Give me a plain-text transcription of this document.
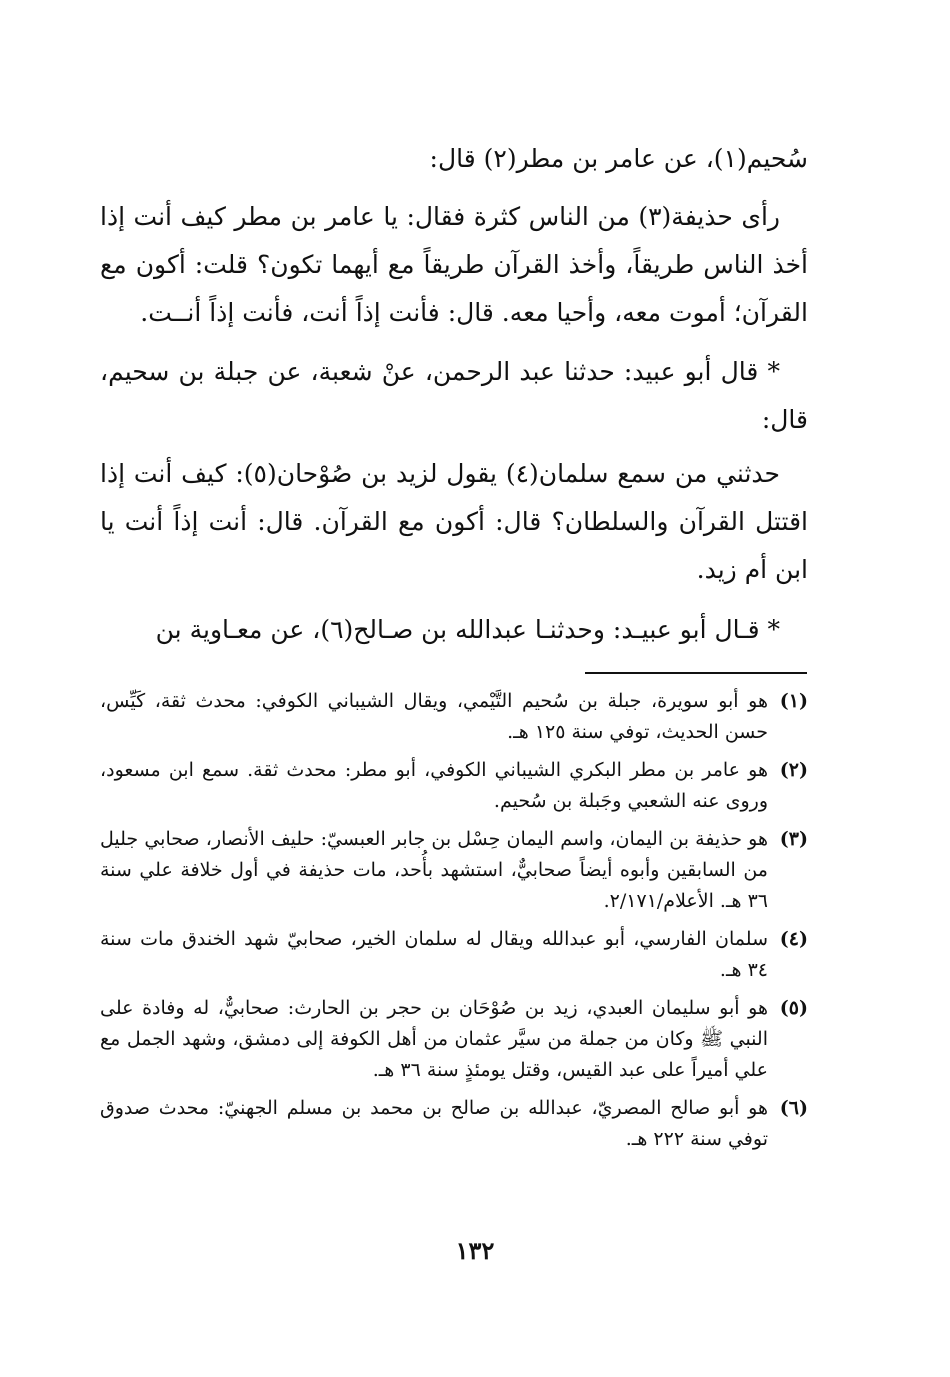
سُحيم(١)، عن عامر بن مطر(٢) قال:

رأى حذيفة(٣) من الناس كثرة فقال: يا عامر بن مطر كيف أنت إذا أخذ الناس طريقاً، وأخذ القرآن طريقاً مع أيهما تكون؟ قلت: أكون مع القرآن؛ أموت معه، وأحيا معه. قال: فأنت إذاً أنت، فأنت إذاً أنــت.

* قال أبو عبيد: حدثنا عبد الرحمن، عنْ شعبة، عن جبلة بن سحيم، قال:

حدثني من سمع سلمان(٤) يقول لزيد بن صُوْحان(٥): كيف أنت إذا اقتتل القرآن والسلطان؟ قال: أكون مع القرآن. قال: أنت إذاً أنت يا ابن أم زيد.

* قـال أبو عبيـد: وحدثنـا عبدالله بن صـالح(٦)، عن معـاوية بن

(١)هو أبو سويرة، جبلة بن سُحيم التَّيْمي، ويقال الشيباني الكوفي: محدث ثقة، كَيِّس، حسن الحديث، توفي سنة ١٢٥ هـ.

(٢)هو عامر بن مطر البكري الشيباني الكوفي، أبو مطر: محدث ثقة. سمع ابن مسعود، وروى عنه الشعبي وجَبلة بن سُحيم.

(٣)هو حذيفة بن اليمان، واسم اليمان حِسْل بن جابر العبسيّ: حليف الأنصار، صحابي جليل من السابقين وأبوه أيضاً صحابيٌّ، استشهد بأُحد، مات حذيفة في أول خلافة علي سنة ٣٦ هـ. الأعلام/٢/١٧١.

(٤)سلمان الفارسي، أبو عبدالله ويقال له سلمان الخير، صحابيّ شهد الخندق مات سنة ٣٤ هـ.

(٥)هو أبو سليمان العبدي، زيد بن صُوْحَان بن حجر بن الحارث: صحابيٌّ، له وفادة على النبي ﷺ وكان من جملة من سيَّر عثمان من أهل الكوفة إلى دمشق، وشهد الجمل مع علي أميراً على عبد القيس، وقتل يومئذٍ سنة ٣٦ هـ.

(٦)هو أبو صالح المصريّ، عبدالله بن صالح بن محمد بن مسلم الجهنيّ: محدث صدوق توفي سنة ٢٢٢ هـ.

١٣٢
